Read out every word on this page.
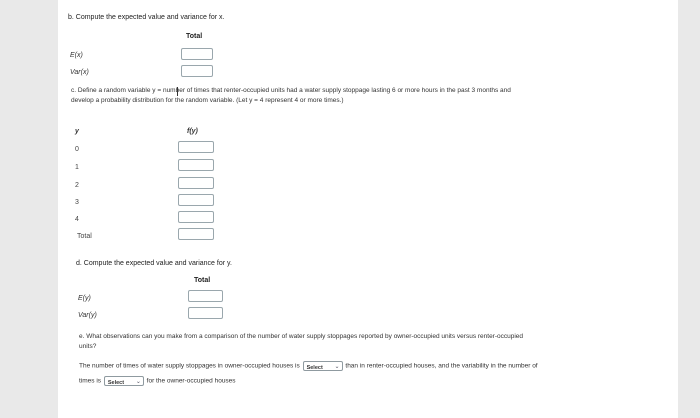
b. Compute the expected value and variance for x.
Total
E(x)
Var(x)
c. Define a random variable y = number of times that renter-occupied units had a water supply stoppage lasting 6 or more hours in the past 3 months and
develop a probability distribution for the random variable. (Let y = 4 represent 4 or more times.)
y	f(y)
0
1
2
3
4
Total
d. Compute the expected value and variance for y.
Total
E(y)
Var(y)
e. What observations can you make from a comparison of the number of water supply stoppages reported by owner-occupied units versus renter-occupied
units?
The number of times of water supply stoppages in owner-occupied houses is Select ⌄ than in renter-occupied houses, and the variability in the number of
times is Select ⌄ for the owner-occupied houses
